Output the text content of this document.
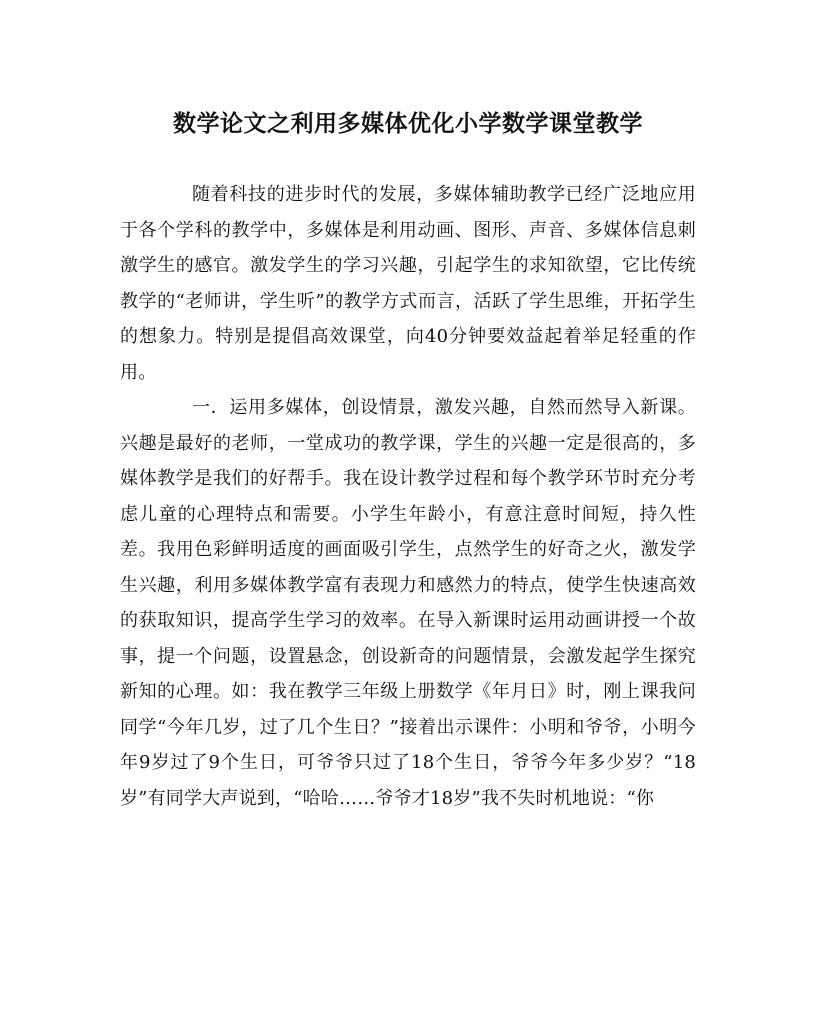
数学论文之利用多媒体优化小学数学课堂教学

随着科技的进步时代的发展，多媒体辅助教学已经广泛地应用于各个学科的教学中，多媒体是利用动画、图形、声音、多媒体信息刺激学生的感官。激发学生的学习兴趣，引起学生的求知欲望，它比传统教学的“老师讲，学生听”的教学方式而言，活跃了学生思维，开拓学生的想象力。特别是提倡高效课堂，向40分钟要效益起着举足轻重的作用。

一．运用多媒体，创设情景，激发兴趣，自然而然导入新课。兴趣是最好的老师，一堂成功的教学课，学生的兴趣一定是很高的，多媒体教学是我们的好帮手。我在设计教学过程和每个教学环节时充分考虑儿童的心理特点和需要。小学生年龄小，有意注意时间短，持久性差。我用色彩鲜明适度的画面吸引学生，点然学生的好奇之火，激发学生兴趣，利用多媒体教学富有表现力和感然力的特点，使学生快速高效的获取知识，提高学生学习的效率。在导入新课时运用动画讲授一个故事，提一个问题，设置悬念，创设新奇的问题情景，会激发起学生探究新知的心理。如：我在教学三年级上册数学《年月日》时，刚上课我问同学“今年几岁，过了几个生日？”接着出示课件：小明和爷爷，小明今年9岁过了9个生日，可爷爷只过了18个生日，爷爷今年多少岁？“18岁”有同学大声说到，“哈哈……爷爷才18岁”我不失时机地说：“你
